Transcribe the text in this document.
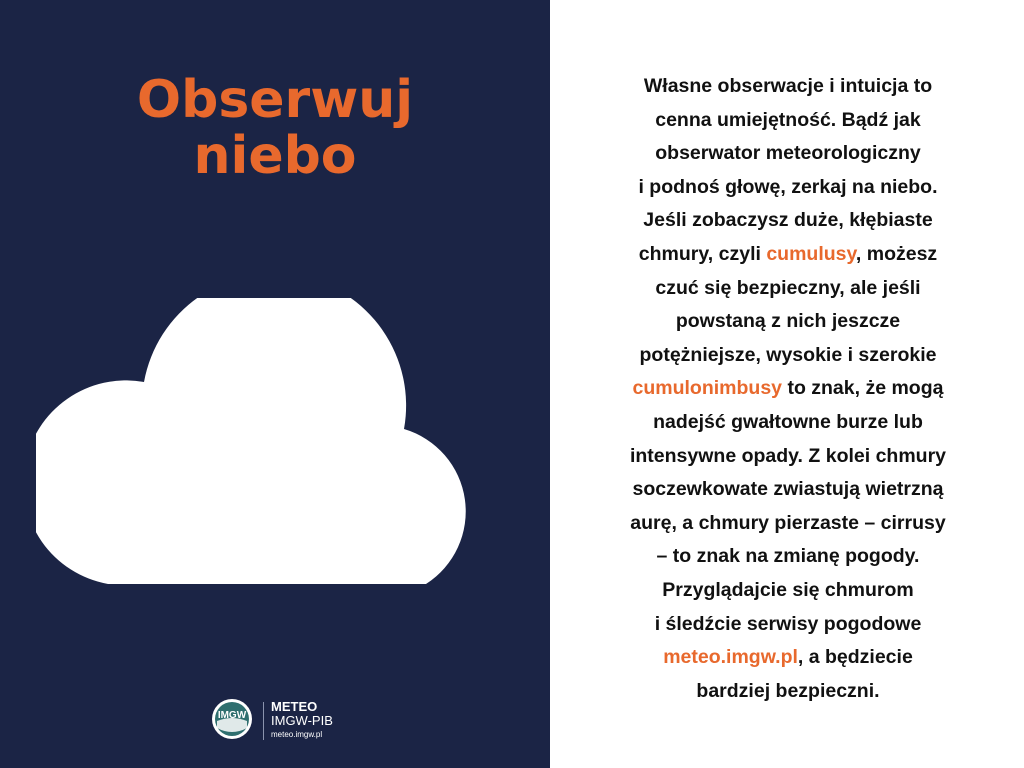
Obserwuj
niebo
IMGW
METEO
IMGW-PIB
meteo.imgw.pl

Własne obserwacje i intuicja to
cenna umiejętność. Bądź jak
obserwator meteorologiczny
i podnoś głowę, zerkaj na niebo.
Jeśli zobaczysz duże, kłębiaste
chmury, czyli cumulusy, możesz
czuć się bezpieczny, ale jeśli
powstaną z nich jeszcze
potężniejsze, wysokie i szerokie
cumulonimbusy to znak, że mogą
nadejść gwałtowne burze lub
intensywne opady. Z kolei chmury
soczewkowate zwiastują wietrzną
aurę, a chmury pierzaste – cirrusy
– to znak na zmianę pogody.
Przyglądajcie się chmurom
i śledźcie serwisy pogodowe
meteo.imgw.pl, a będziecie
bardziej bezpieczni.
